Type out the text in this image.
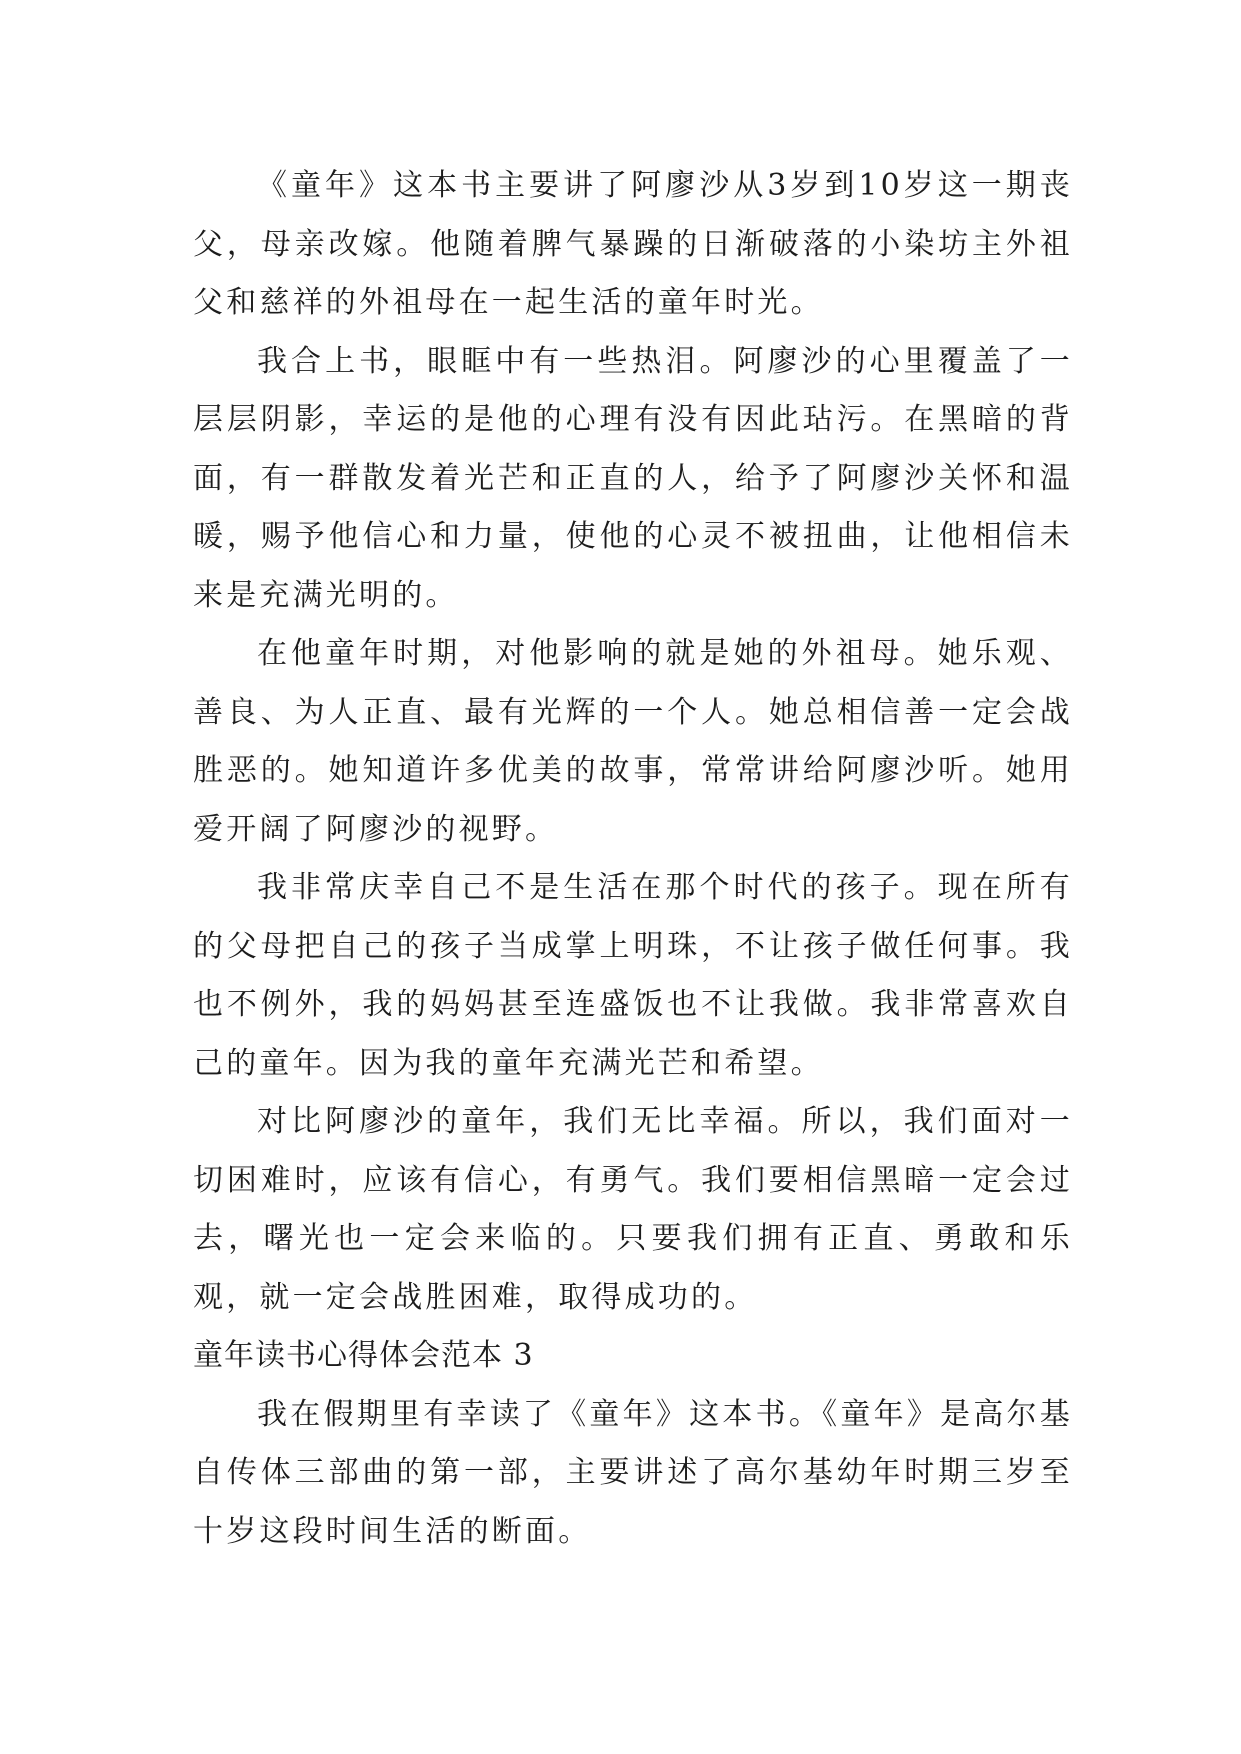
《童年》这本书主要讲了阿廖沙从3岁到10岁这一期丧父，母亲改嫁。他随着脾气暴躁的日渐破落的小染坊主外祖父和慈祥的外祖母在一起生活的童年时光。

我合上书，眼眶中有一些热泪。阿廖沙的心里覆盖了一层层阴影，幸运的是他的心理有没有因此玷污。在黑暗的背面，有一群散发着光芒和正直的人，给予了阿廖沙关怀和温暖，赐予他信心和力量，使他的心灵不被扭曲，让他相信未来是充满光明的。

在他童年时期，对他影响的就是她的外祖母。她乐观、善良、为人正直、最有光辉的一个人。她总相信善一定会战胜恶的。她知道许多优美的故事，常常讲给阿廖沙听。她用爱开阔了阿廖沙的视野。

我非常庆幸自己不是生活在那个时代的孩子。现在所有的父母把自己的孩子当成掌上明珠，不让孩子做任何事。我也不例外，我的妈妈甚至连盛饭也不让我做。我非常喜欢自己的童年。因为我的童年充满光芒和希望。

对比阿廖沙的童年，我们无比幸福。所以，我们面对一切困难时，应该有信心，有勇气。我们要相信黑暗一定会过去，曙光也一定会来临的。只要我们拥有正直、勇敢和乐观，就一定会战胜困难，取得成功的。

童年读书心得体会范本 3

我在假期里有幸读了《童年》这本书。《童年》是高尔基自传体三部曲的第一部，主要讲述了高尔基幼年时期三岁至十岁这段时间生活的断面。
